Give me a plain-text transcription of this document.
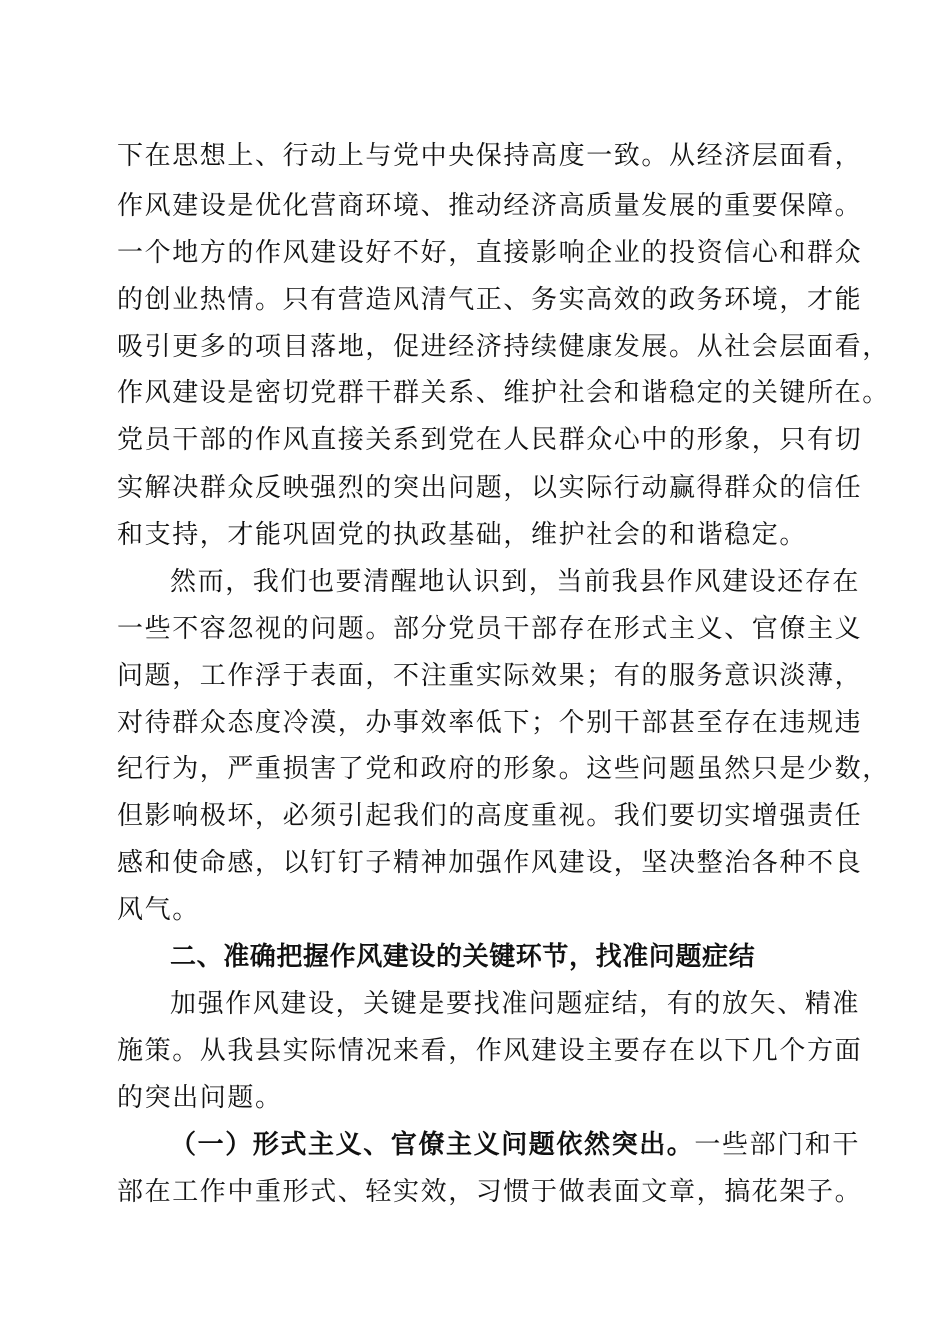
下在思想上、行动上与党中央保持高度一致。从经济层面看，
作风建设是优化营商环境、推动经济高质量发展的重要保障。
一个地方的作风建设好不好，直接影响企业的投资信心和群众
的创业热情。只有营造风清气正、务实高效的政务环境，才能
吸引更多的项目落地，促进经济持续健康发展。从社会层面看，
作风建设是密切党群干群关系、维护社会和谐稳定的关键所在。
党员干部的作风直接关系到党在人民群众心中的形象，只有切
实解决群众反映强烈的突出问题，以实际行动赢得群众的信任
和支持，才能巩固党的执政基础，维护社会的和谐稳定。
然而，我们也要清醒地认识到，当前我县作风建设还存在
一些不容忽视的问题。部分党员干部存在形式主义、官僚主义
问题，工作浮于表面，不注重实际效果；有的服务意识淡薄，
对待群众态度冷漠，办事效率低下；个别干部甚至存在违规违
纪行为，严重损害了党和政府的形象。这些问题虽然只是少数，
但影响极坏，必须引起我们的高度重视。我们要切实增强责任
感和使命感，以钉钉子精神加强作风建设，坚决整治各种不良
风气。
二、准确把握作风建设的关键环节，找准问题症结
加强作风建设，关键是要找准问题症结，有的放矢、精准
施策。从我县实际情况来看，作风建设主要存在以下几个方面
的突出问题。
（一）形式主义、官僚主义问题依然突出。一些部门和干
部在工作中重形式、轻实效，习惯于做表面文章，搞花架子。
